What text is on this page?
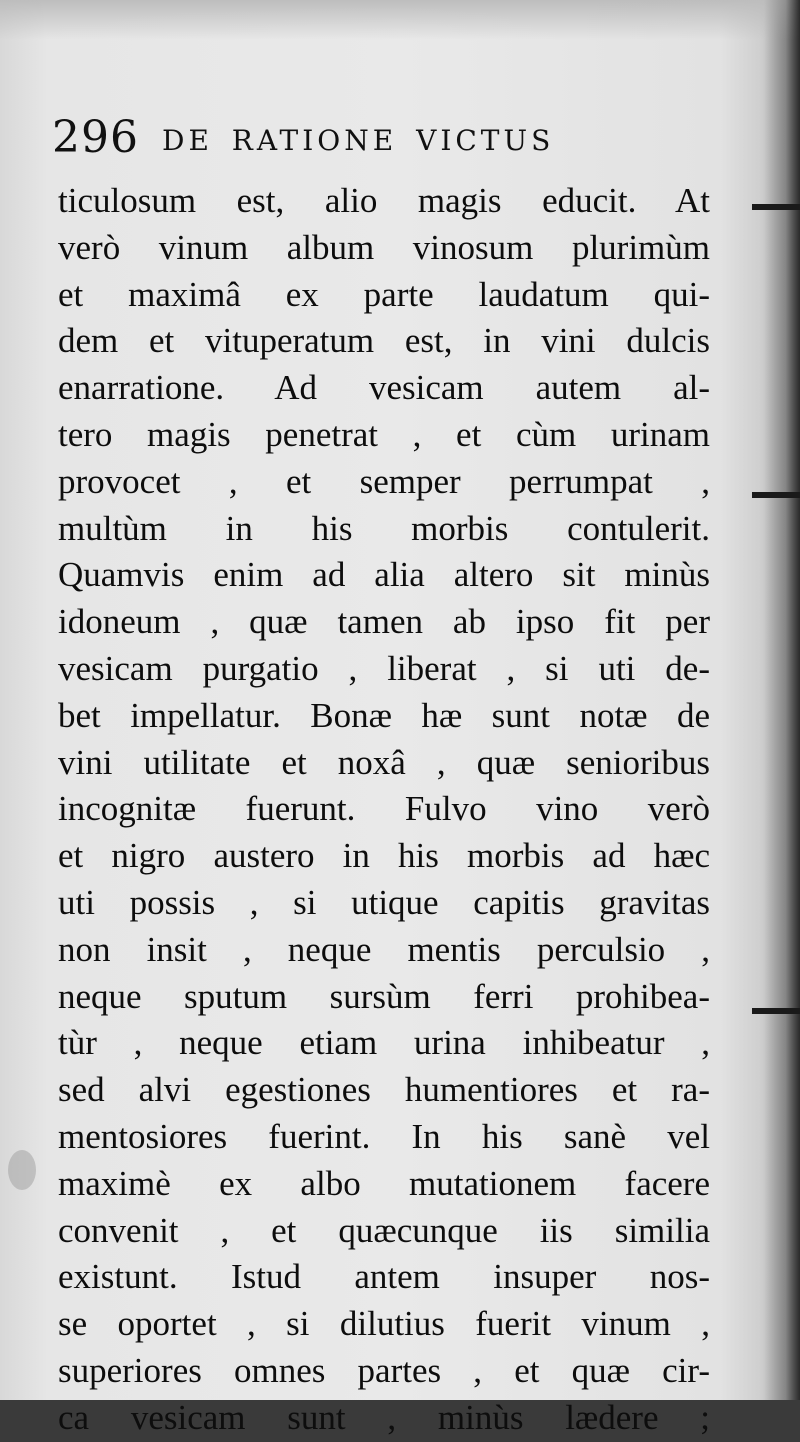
296 DE RATIONE VICTUS
ticulosum est, alio magis educit. At
verò vinum album vinosum plurimùm
et maximâ ex parte laudatum qui-
dem et vituperatum est, in vini dulcis
enarratione. Ad vesicam autem al-
tero magis penetrat , et cùm urinam
provocet , et semper perrumpat ,
multùm in his morbis contulerit.
Quamvis enim ad alia altero sit minùs
idoneum , quæ tamen ab ipso fit per
vesicam purgatio , liberat , si uti de-
bet impellatur. Bonæ hæ sunt notæ de
vini utilitate et noxâ , quæ senioribus
incognitæ fuerunt. Fulvo vino verò
et nigro austero in his morbis ad hæc
uti possis , si utique capitis gravitas
non insit , neque mentis perculsio ,
neque sputum sursùm ferri prohibea-
tùr , neque etiam urina inhibeatur ,
sed alvi egestiones humentiores et ra-
mentosiores fuerint. In his sanè vel
maximè ex albo mutationem facere
convenit , et quæcunque iis similia
existunt. Istud antem insuper nos-
se oportet , si dilutius fuerit vinum ,
superiores omnes partes , et quæ cir-
ca vesicam sunt , minùs lædere ;
